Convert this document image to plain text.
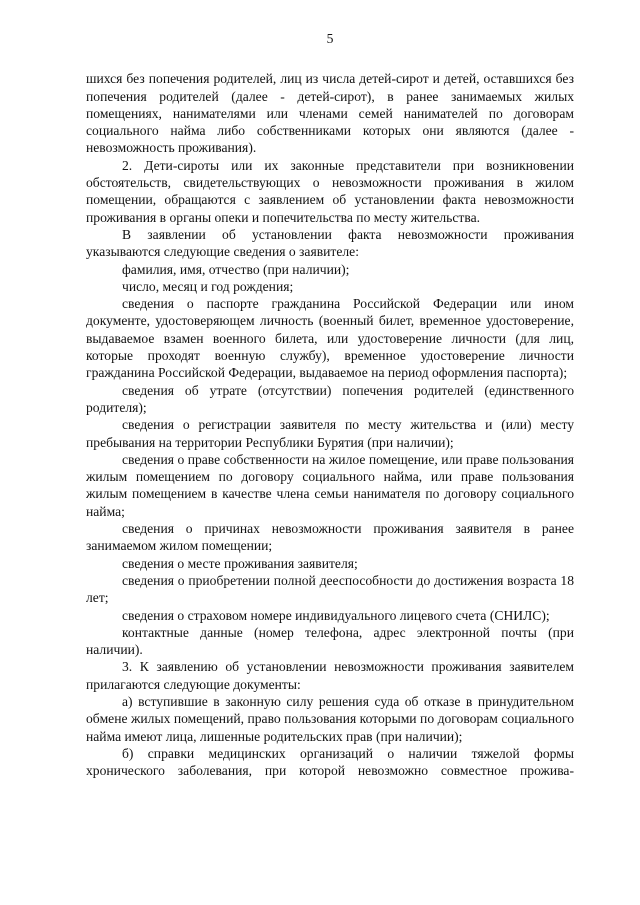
5

шихся без попечения родителей, лиц из числа детей-сирот и детей, оставшихся без попечения родителей (далее - детей-сирот), в ранее занимаемых жилых помещениях, нанимателями или членами семей нанимателей по договорам социального найма либо собственниками которых они являются (далее - невозможность проживания).

2. Дети-сироты или их законные представители при возникновении обстоятельств, свидетельствующих о невозможности проживания в жилом помещении, обращаются с заявлением об установлении факта невозможности проживания в органы опеки и попечительства по месту жительства.

В заявлении об установлении факта невозможности проживания указываются следующие сведения о заявителе:

фамилия, имя, отчество (при наличии);

число, месяц и год рождения;

сведения о паспорте гражданина Российской Федерации или ином документе, удостоверяющем личность (военный билет, временное удостоверение, выдаваемое взамен военного билета, или удостоверение личности (для лиц, которые проходят военную службу), временное удостоверение личности гражданина Российской Федерации, выдаваемое на период оформления паспорта);

сведения об утрате (отсутствии) попечения родителей (единственного родителя);

сведения о регистрации заявителя по месту жительства и (или) месту пребывания на территории Республики Бурятия (при наличии);

сведения о праве собственности на жилое помещение, или праве пользования жилым помещением по договору социального найма, или праве пользования жилым помещением в качестве члена семьи нанимателя по договору социального найма;

сведения о причинах невозможности проживания заявителя в ранее занимаемом жилом помещении;

сведения о месте проживания заявителя;

сведения о приобретении полной дееспособности до достижения возраста 18 лет;

сведения о страховом номере индивидуального лицевого счета (СНИЛС);

контактные данные (номер телефона, адрес электронной почты (при наличии).

3. К заявлению об установлении невозможности проживания заявителем прилагаются следующие документы:

а) вступившие в законную силу решения суда об отказе в принудительном обмене жилых помещений, право пользования которыми по договорам социального найма имеют лица, лишенные родительских прав (при наличии);

б) справки медицинских организаций о наличии тяжелой формы хронического заболевания, при которой невозможно совместное прожива-
